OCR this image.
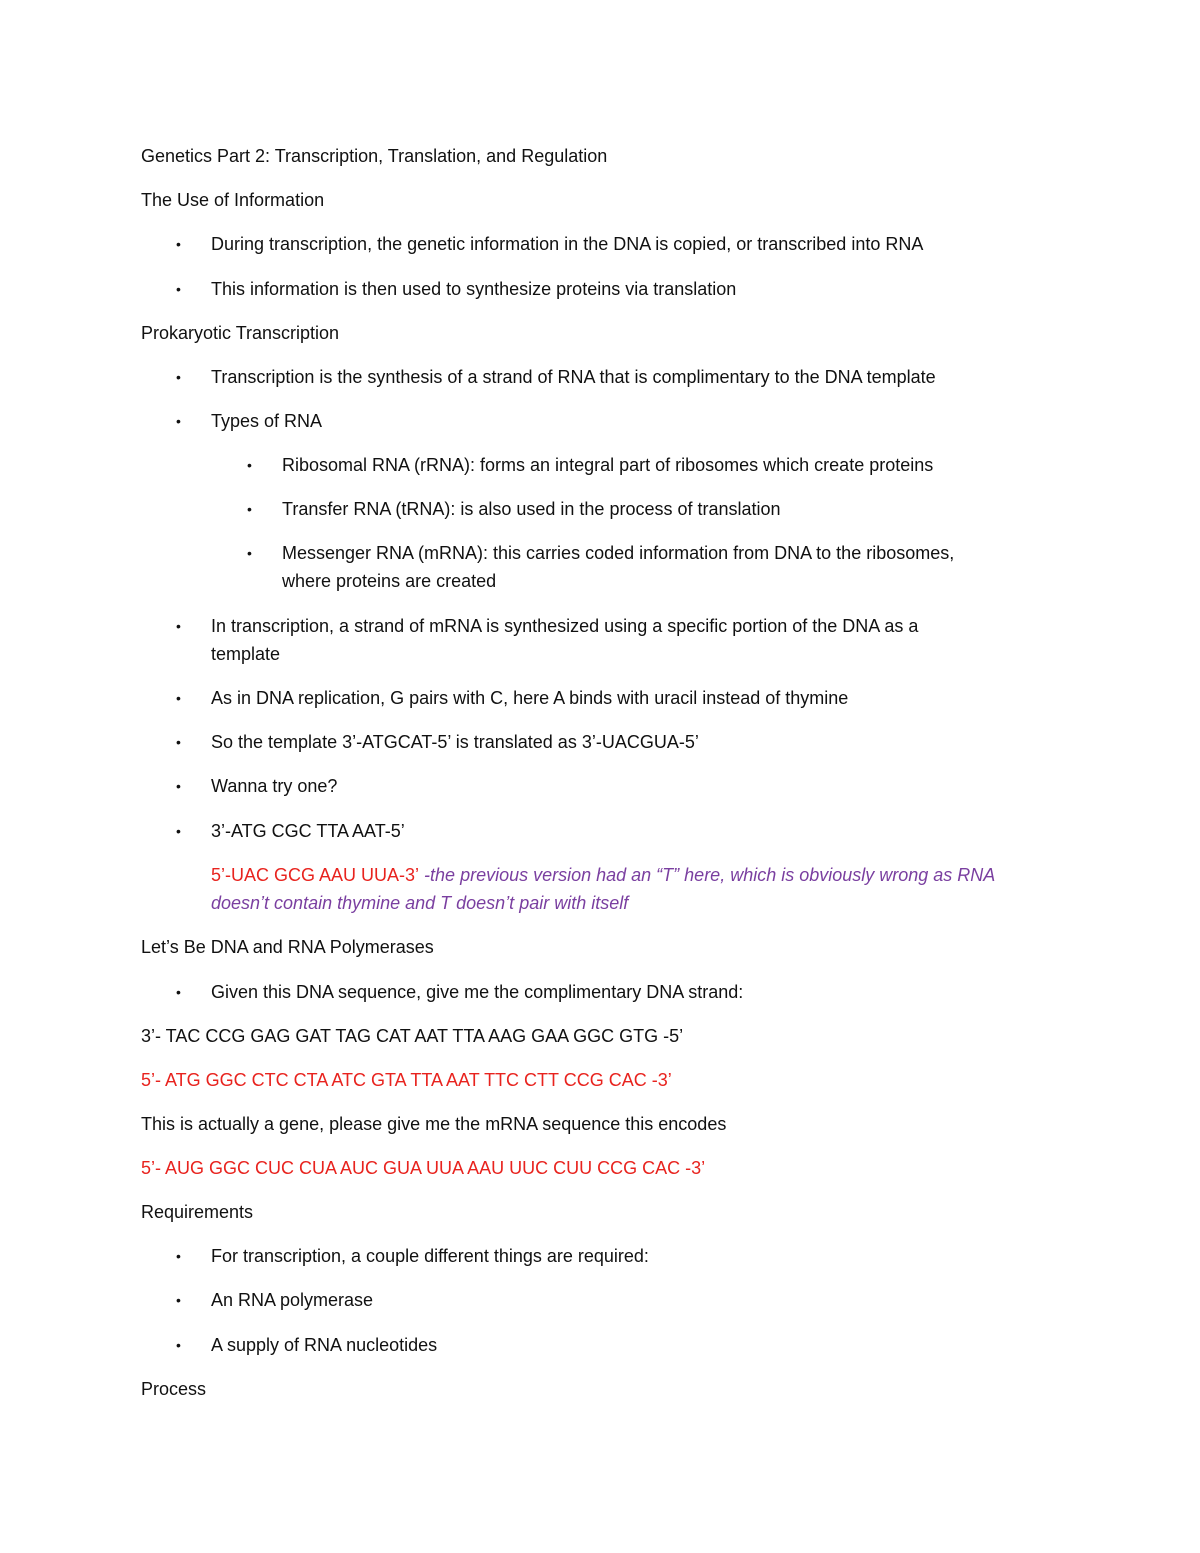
Genetics Part 2: Transcription, Translation, and Regulation
The Use of Information
• During transcription, the genetic information in the DNA is copied, or transcribed into RNA
• This information is then used to synthesize proteins via translation
Prokaryotic Transcription
• Transcription is the synthesis of a strand of RNA that is complimentary to the DNA template
• Types of RNA
• Ribosomal RNA (rRNA): forms an integral part of ribosomes which create proteins
• Transfer RNA (tRNA): is also used in the process of translation
• Messenger RNA (mRNA): this carries coded information from DNA to the ribosomes,
where proteins are created
• In transcription, a strand of mRNA is synthesized using a specific portion of the DNA as a
template
• As in DNA replication, G pairs with C, here A binds with uracil instead of thymine
• So the template 3’-ATGCAT-5’ is translated as 3’-UACGUA-5’
• Wanna try one?
• 3’-ATG CGC TTA AAT-5’
5’-UAC GCG AAU UUA-3’ -the previous version had an “T” here, which is obviously wrong as RNA
doesn’t contain thymine and T doesn’t pair with itself
Let’s Be DNA and RNA Polymerases
• Given this DNA sequence, give me the complimentary DNA strand:
3’- TAC CCG GAG GAT TAG CAT AAT TTA AAG GAA GGC GTG -5’
5’- ATG GGC CTC CTA ATC GTA TTA AAT TTC CTT CCG CAC -3’
This is actually a gene, please give me the mRNA sequence this encodes
5’- AUG GGC CUC CUA AUC GUA UUA AAU UUC CUU CCG CAC -3’
Requirements
• For transcription, a couple different things are required:
• An RNA polymerase
• A supply of RNA nucleotides
Process
